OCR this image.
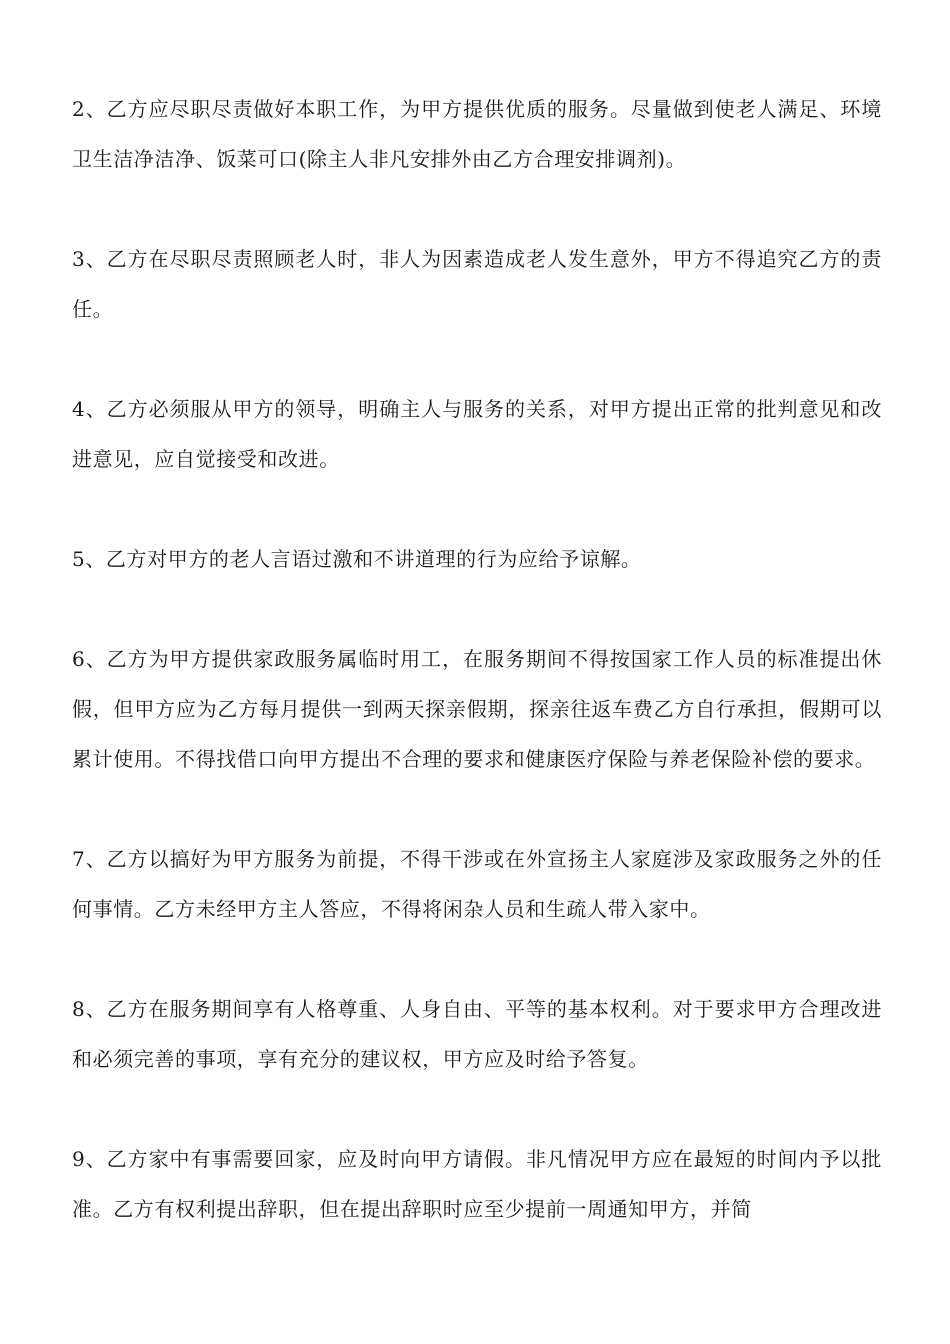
2、乙方应尽职尽责做好本职工作，为甲方提供优质的服务。尽量做到使老人满足、环境卫生洁净洁净、饭菜可口(除主人非凡安排外由乙方合理安排调剂)。

3、乙方在尽职尽责照顾老人时，非人为因素造成老人发生意外，甲方不得追究乙方的责任。

4、乙方必须服从甲方的领导，明确主人与服务的关系，对甲方提出正常的批判意见和改进意见，应自觉接受和改进。

5、乙方对甲方的老人言语过激和不讲道理的行为应给予谅解。

6、乙方为甲方提供家政服务属临时用工，在服务期间不得按国家工作人员的标准提出休假，但甲方应为乙方每月提供一到两天探亲假期，探亲往返车费乙方自行承担，假期可以累计使用。不得找借口向甲方提出不合理的要求和健康医疗保险与养老保险补偿的要求。

7、乙方以搞好为甲方服务为前提，不得干涉或在外宣扬主人家庭涉及家政服务之外的任何事情。乙方未经甲方主人答应，不得将闲杂人员和生疏人带入家中。

8、乙方在服务期间享有人格尊重、人身自由、平等的基本权利。对于要求甲方合理改进和必须完善的事项，享有充分的建议权，甲方应及时给予答复。

9、乙方家中有事需要回家，应及时向甲方请假。非凡情况甲方应在最短的时间内予以批准。乙方有权利提出辞职，但在提出辞职时应至少提前一周通知甲方，并简
